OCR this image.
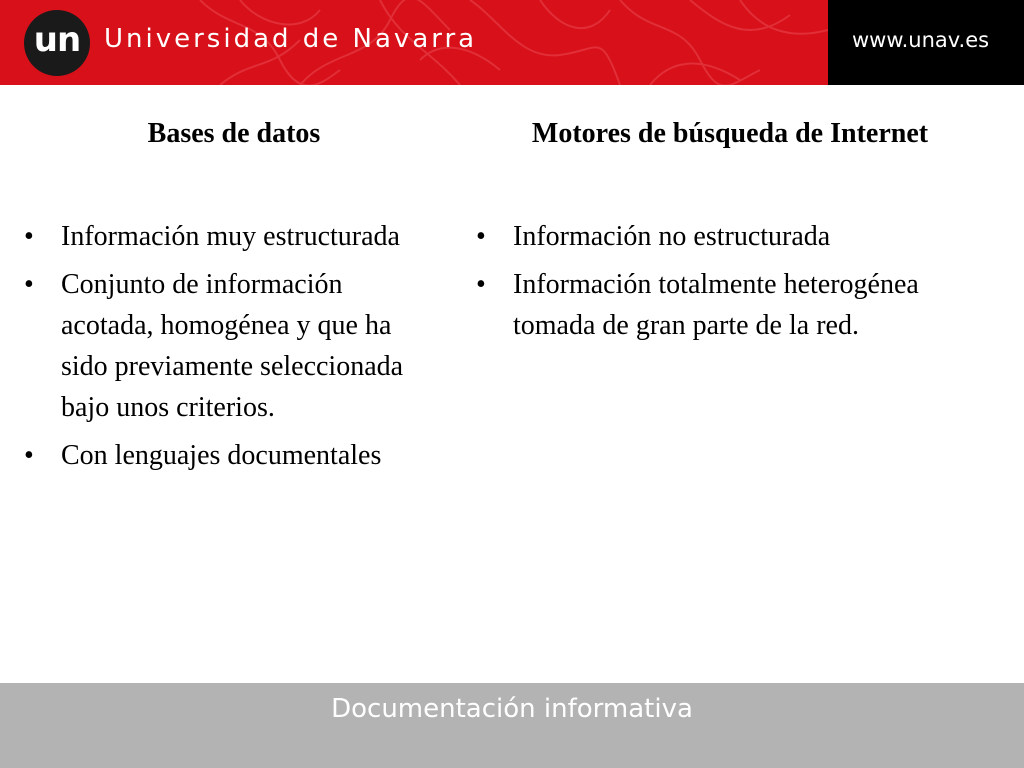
un Universidad de Navarra	www.unav.es
Bases de datos	Motores de búsqueda de Internet
• Información muy estructurada
• Conjunto de información acotada, homogénea y que ha sido previamente seleccionada bajo unos criterios.
• Con lenguajes documentales
• Información no estructurada
• Información totalmente heterogénea tomada de gran parte de la red.
Documentación informativa
